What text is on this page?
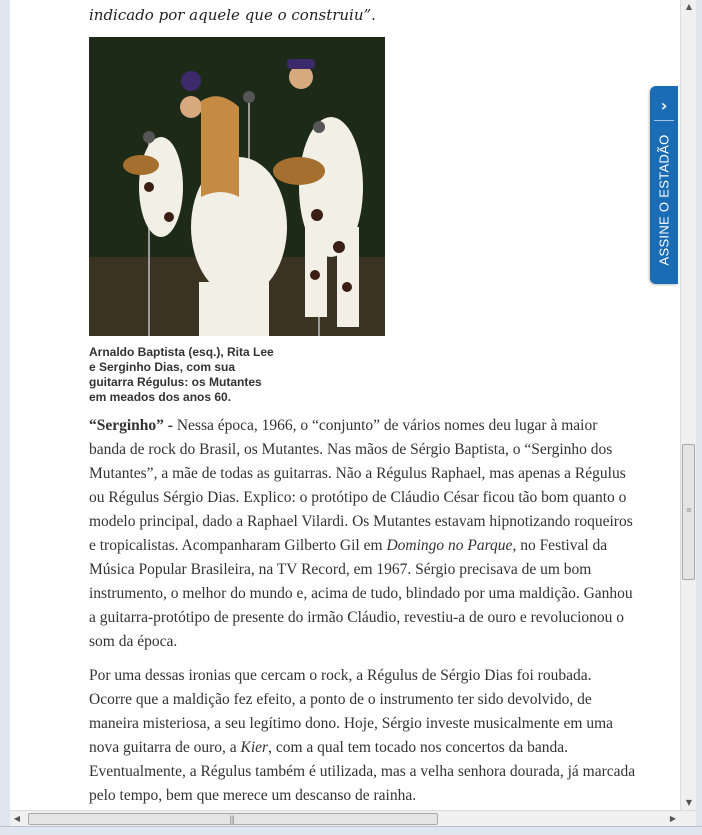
indicado por aquele que o construiu”.

Arnaldo Baptista (esq.), Rita Lee e Serginho Dias, com sua guitarra Régulus: os Mutantes em meados dos anos 60.

“Serginho” - Nessa época, 1966, o “conjunto” de vários nomes deu lugar à maior banda de rock do Brasil, os Mutantes. Nas mãos de Sérgio Baptista, o “Serginho dos Mutantes”, a mãe de todas as guitarras. Não a Régulus Raphael, mas apenas a Régulus ou Régulus Sérgio Dias. Explico: o protótipo de Cláudio César ficou tão bom quanto o modelo principal, dado a Raphael Vilardi. Os Mutantes estavam hipnotizando roqueiros e tropicalistas. Acompanharam Gilberto Gil em Domingo no Parque, no Festival da Música Popular Brasileira, na TV Record, em 1967. Sérgio precisava de um bom instrumento, o melhor do mundo e, acima de tudo, blindado por uma maldição. Ganhou a guitarra-protótipo de presente do irmão Cláudio, revestiu-a de ouro e revolucionou o som da época.

Por uma dessas ironias que cercam o rock, a Régulus de Sérgio Dias foi roubada. Ocorre que a maldição fez efeito, a ponto de o instrumento ter sido devolvido, de maneira misteriosa, a seu legítimo dono. Hoje, Sérgio investe musicalmente em uma nova guitarra de ouro, a Kier, com a qual tem tocado nos concertos da banda. Eventualmente, a Régulus também é utilizada, mas a velha senhora dourada, já marcada pelo tempo, bem que merece um descanso de rainha.

›
ASSINE O ESTADÃO
▲
≡
▼
◀	|||	▶
